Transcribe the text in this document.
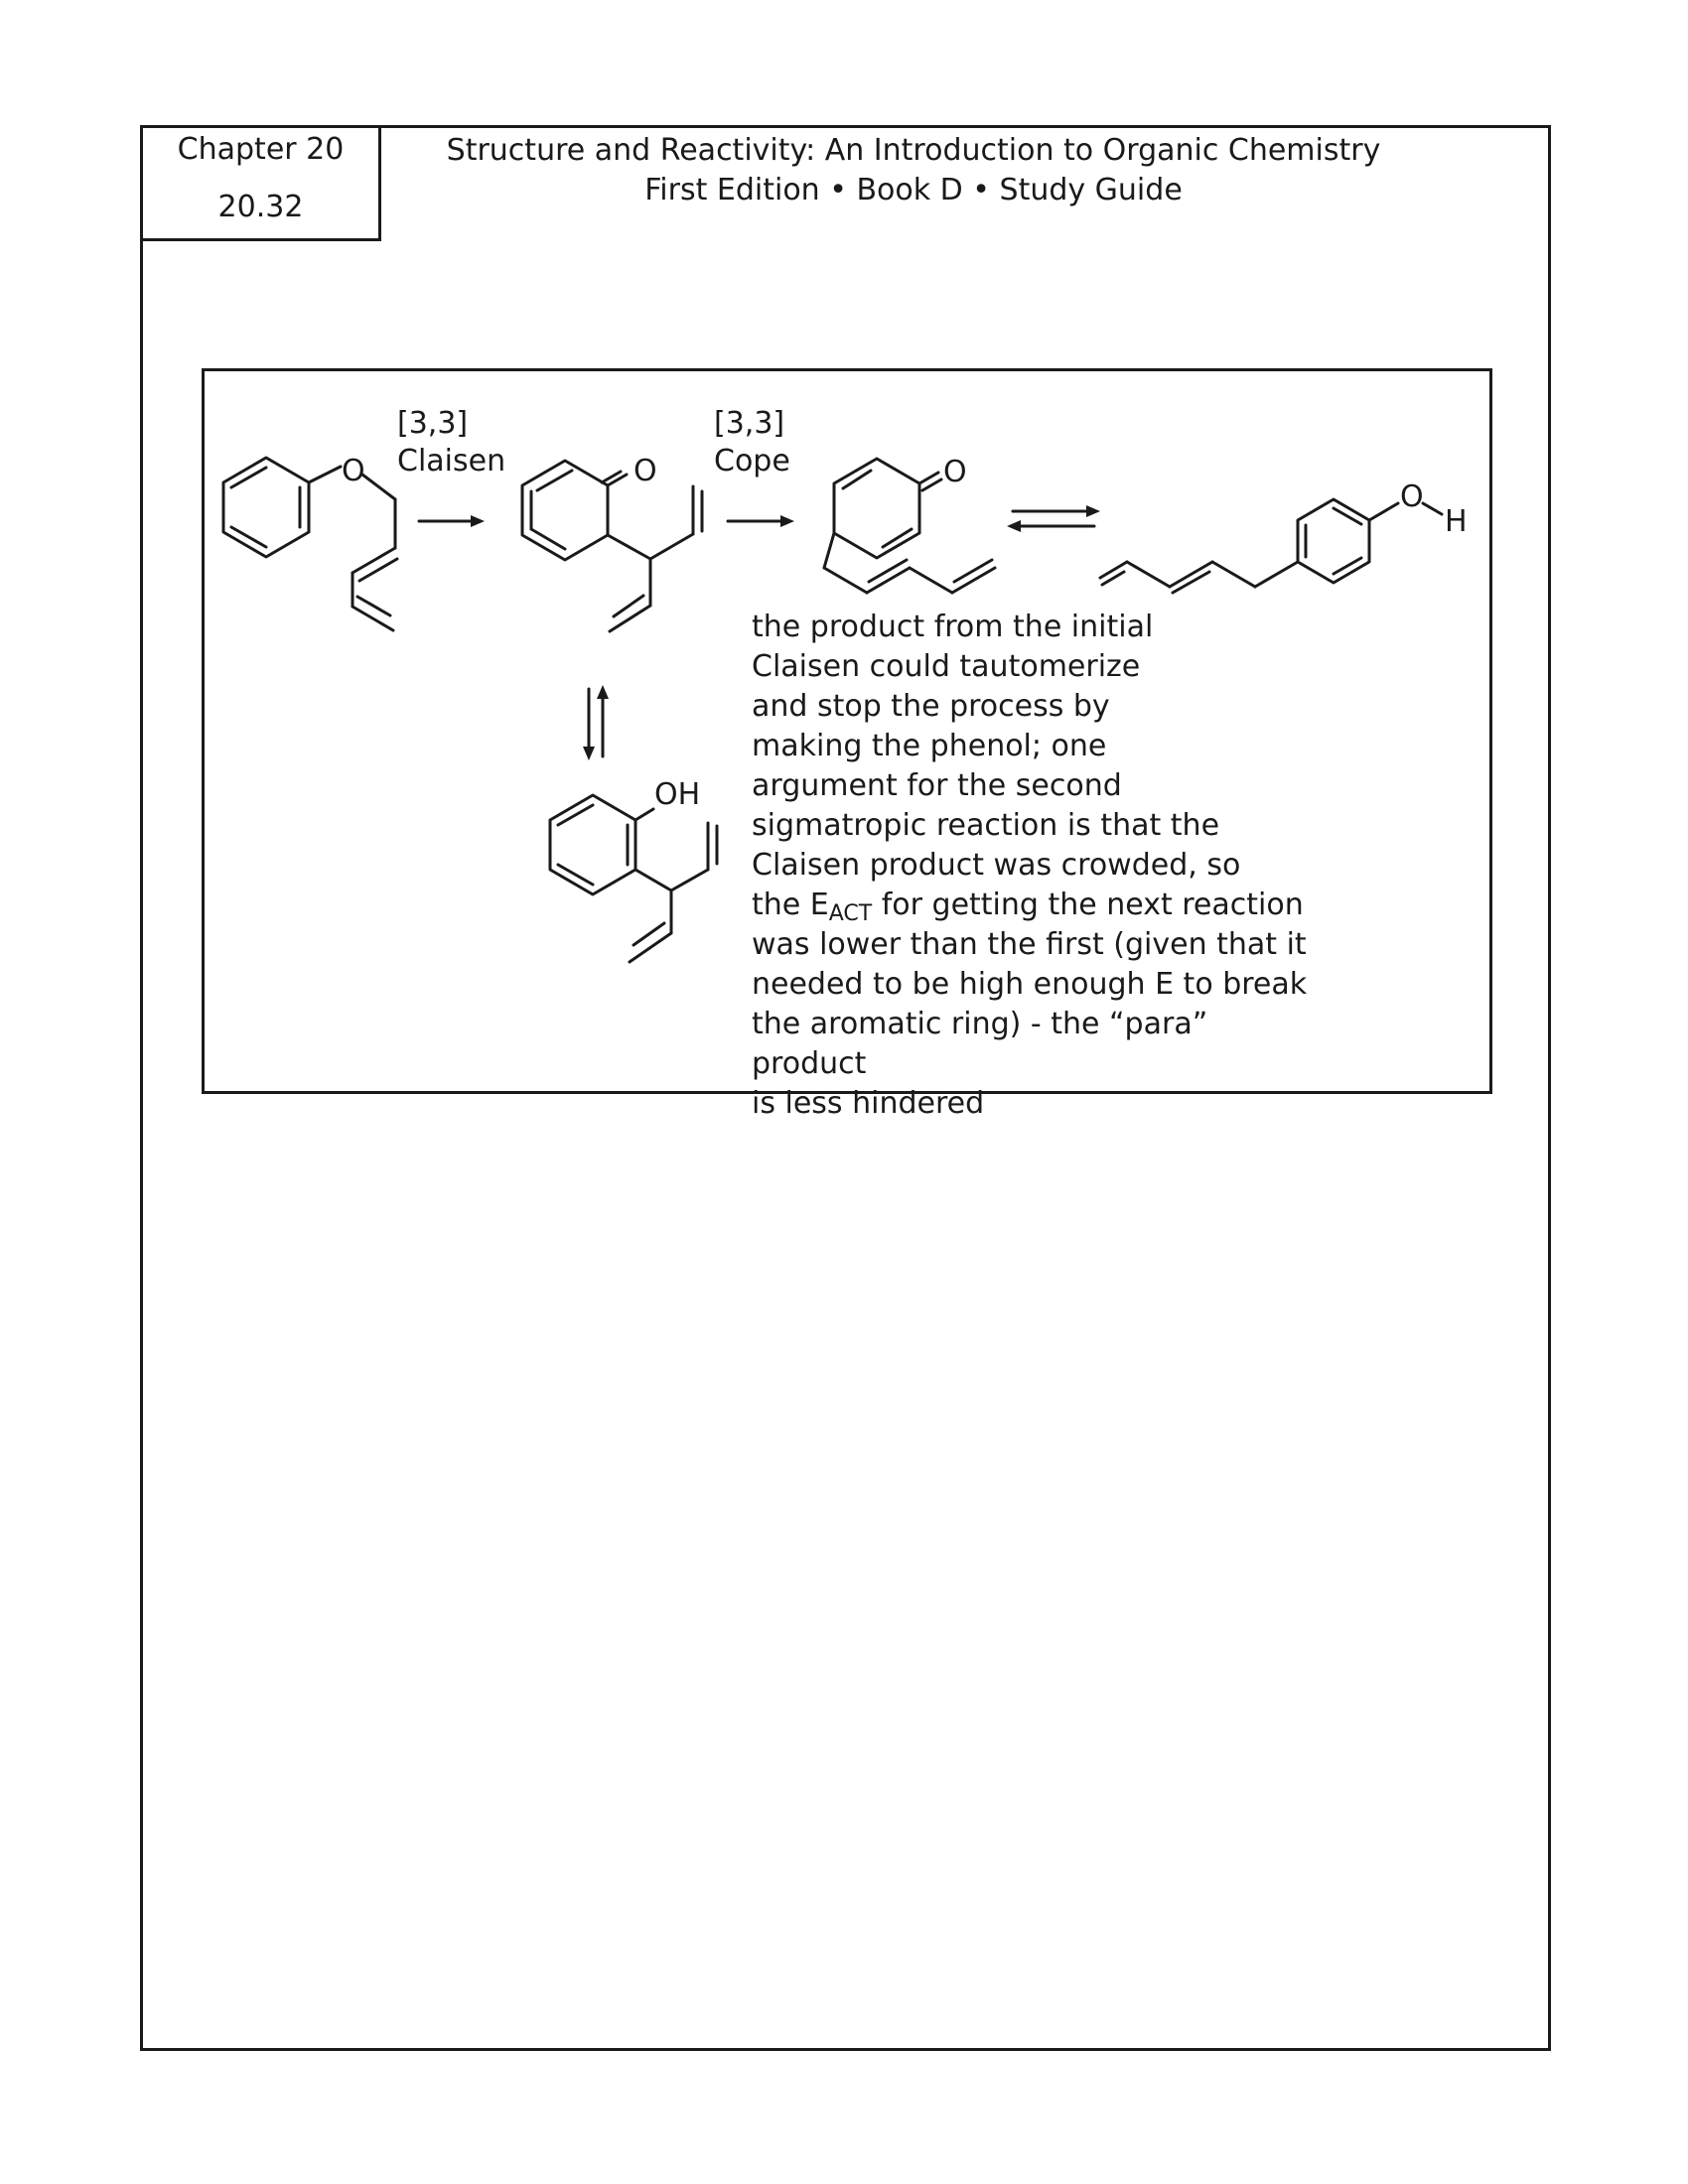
Chapter 20
20.32
Structure and Reactivity: An Introduction to Organic Chemistry
First Edition • Book D • Study Guide
O
[3,3]
Claisen	O
[3,3]
Cope	O
O
H
OH

the product from the initial
Claisen could tautomerize
and stop the process by
making the phenol; one
argument for the second
sigmatropic reaction is that the
Claisen product was crowded, so
the $E_{ACT}$ for getting the next reaction
was lower than the first (given that it
needed to be high enough E to break
the aromatic ring) - the “para” product
is less hindered
